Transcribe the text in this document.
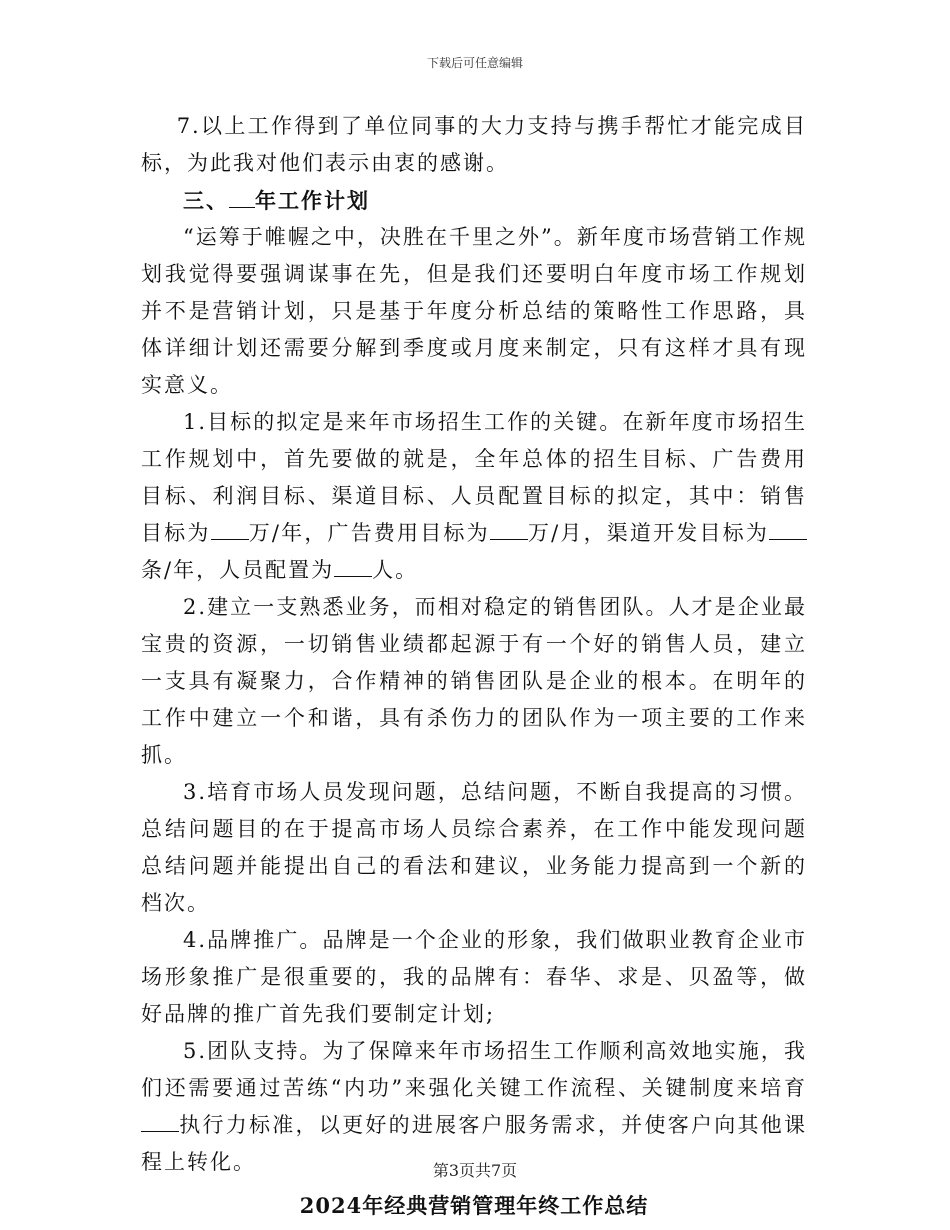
下载后可任意编辑

7.以上工作得到了单位同事的大力支持与携手帮忙才能完成目标，为此我对他们表示由衷的感谢。

三、 年工作计划

“运筹于帷幄之中，决胜在千里之外”。新年度市场营销工作规划我觉得要强调谋事在先，但是我们还要明白年度市场工作规划并不是营销计划，只是基于年度分析总结的策略性工作思路，具体详细计划还需要分解到季度或月度来制定，只有这样才具有现实意义。

1.目标的拟定是来年市场招生工作的关键。在新年度市场招生工作规划中，首先要做的就是，全年总体的招生目标、广告费用目标、利润目标、渠道目标、人员配置目标的拟定，其中：销售目标为 万/年，广告费用目标为 万/月，渠道开发目标为条/年，人员配置为 人。

2.建立一支熟悉业务，而相对稳定的销售团队。人才是企业最宝贵的资源，一切销售业绩都起源于有一个好的销售人员，建立一支具有凝聚力，合作精神的销售团队是企业的根本。在明年的工作中建立一个和谐，具有杀伤力的团队作为一项主要的工作来抓。

3.培育市场人员发现问题，总结问题，不断自我提高的习惯。总结问题目的在于提高市场人员综合素养，在工作中能发现问题总结问题并能提出自己的看法和建议，业务能力提高到一个新的档次。

4.品牌推广。品牌是一个企业的形象，我们做职业教育企业市场形象推广是很重要的，我的品牌有：春华、求是、贝盈等，做好品牌的推广首先我们要制定计划;

5.团队支持。为了保障来年市场招生工作顺利高效地实施，我们还需要通过苦练“内功”来强化关键工作流程、关键制度来培育执行力标准，以更好的进展客户服务需求，并使客户向其他课程上转化。

2024年经典营销管理年终工作总结

第3页共7页
